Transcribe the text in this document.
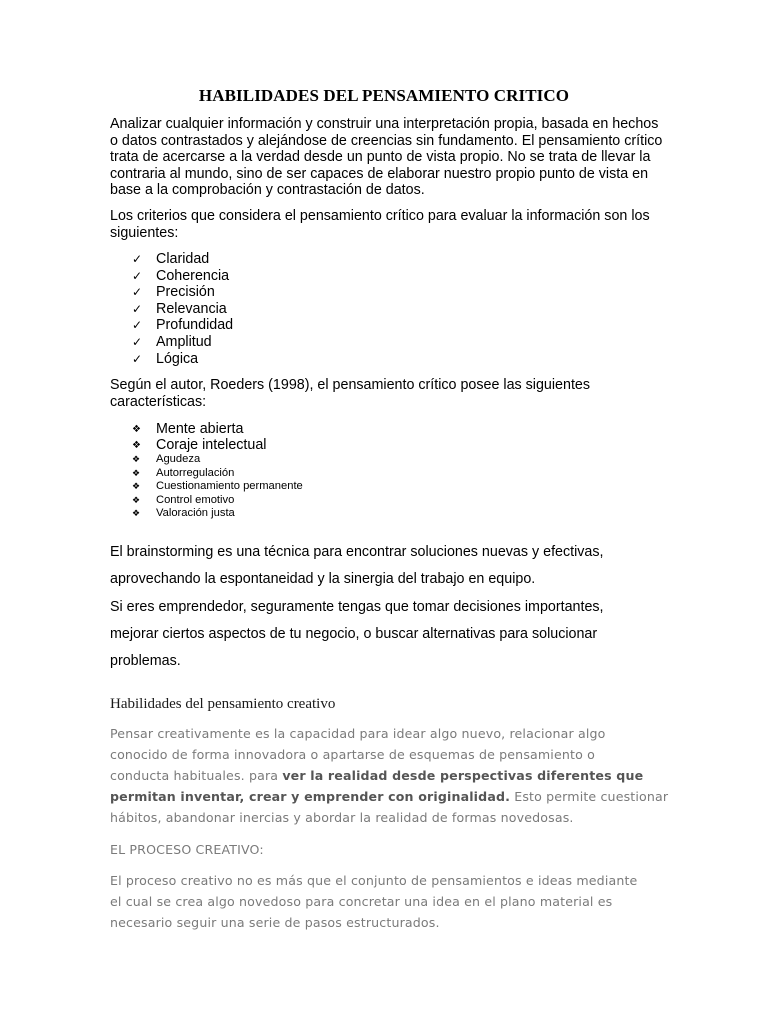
HABILIDADES DEL PENSAMIENTO CRITICO

Analizar cualquier información y construir una interpretación propia, basada en hechos
o datos contrastados y alejándose de creencias sin fundamento. El pensamiento crítico
trata de acercarse a la verdad desde un punto de vista propio. No se trata de llevar la
contraria al mundo, sino de ser capaces de elaborar nuestro propio punto de vista en
base a la comprobación y contrastación de datos.

Los criterios que considera el pensamiento crítico para evaluar la información son los
siguientes:

✓ Claridad
✓ Coherencia
✓ Precisión
✓ Relevancia
✓ Profundidad
✓ Amplitud
✓ Lógica

Según el autor, Roeders (1998), el pensamiento crítico posee las siguientes
características:

❖ Mente abierta
❖ Coraje intelectual
❖ Agudeza
❖ Autorregulación
❖ Cuestionamiento permanente
❖ Control emotivo
❖ Valoración justa
El brainstorming es una técnica para encontrar soluciones nuevas y efectivas,
aprovechando la espontaneidad y la sinergia del trabajo en equipo.
Si eres emprendedor, seguramente tengas que tomar decisiones importantes,
mejorar ciertos aspectos de tu negocio, o buscar alternativas para solucionar
problemas.
Habilidades del pensamiento creativo

Pensar creativamente es la capacidad para idear algo nuevo, relacionar algo
conocido de forma innovadora o apartarse de esquemas de pensamiento o
conducta habituales. para ver la realidad desde perspectivas diferentes que
permitan inventar, crear y emprender con originalidad. Esto permite cuestionar
hábitos, abandonar inercias y abordar la realidad de formas novedosas.

EL PROCESO CREATIVO:

El proceso creativo no es más que el conjunto de pensamientos e ideas mediante
el cual se crea algo novedoso para concretar una idea en el plano material es
necesario seguir una serie de pasos estructurados.
